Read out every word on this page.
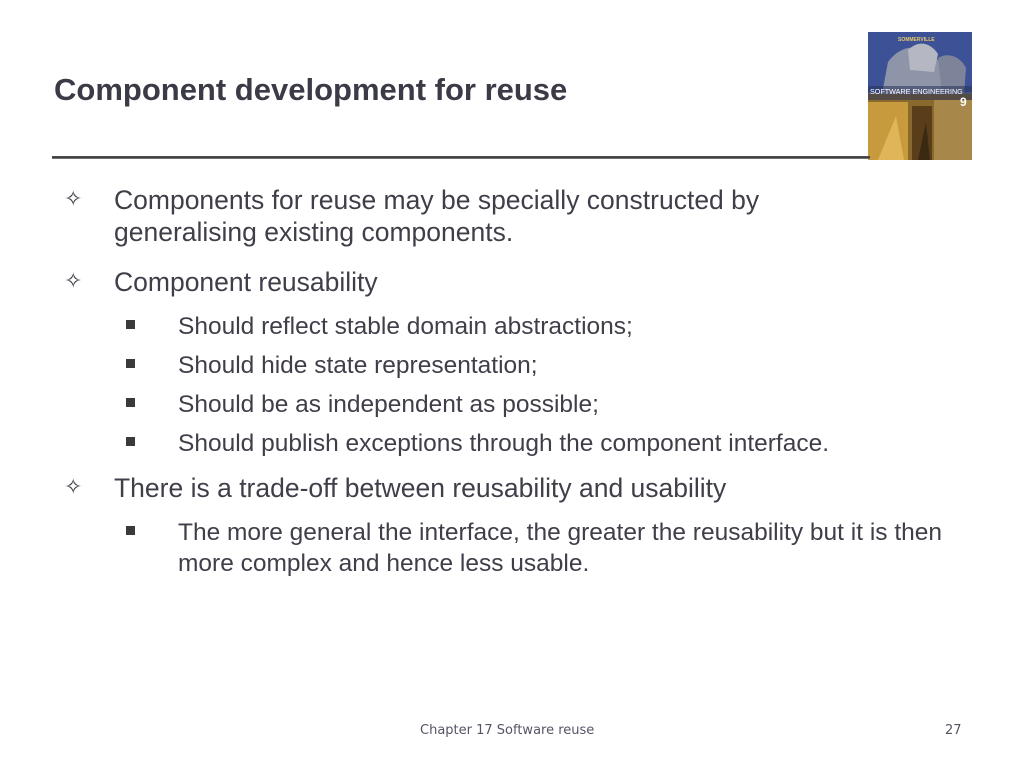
Component development for reuse
SOMMERVILLE
SOFTWARE ENGINEERING
9
✧ Components for reuse may be specially constructed by generalising existing components.
✧ Component reusability
Should reflect stable domain abstractions;
Should hide state representation;
Should be as independent as possible;
Should publish exceptions through the component interface.
✧ There is a trade-off between reusability and usability
The more general the interface, the greater the reusability but it is then more complex and hence less usable.
Chapter 17 Software reuse	27
